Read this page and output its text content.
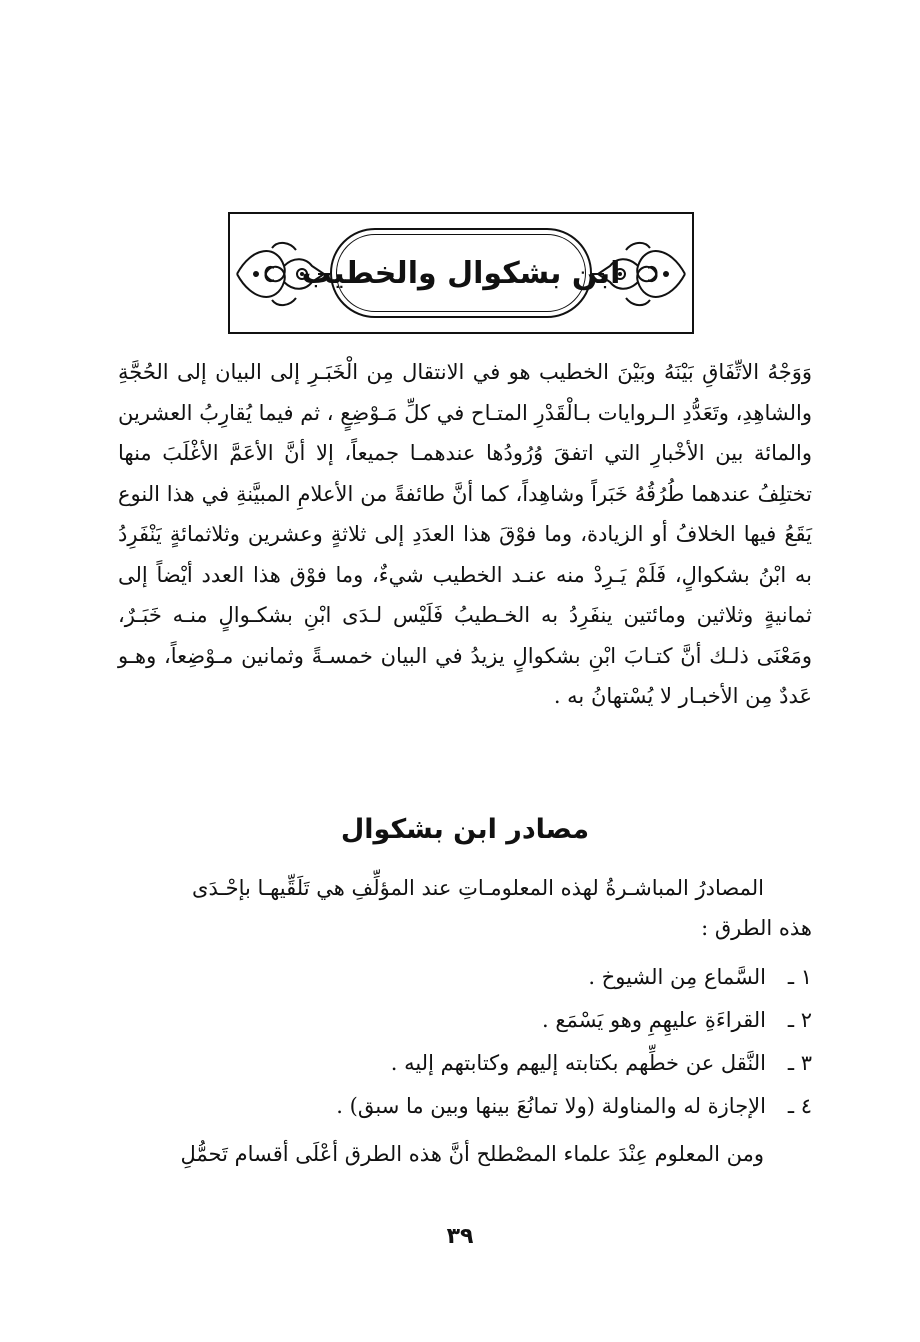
ابن بشكوال والخطيب

وَوَجْهُ الاتِّفَاقِ بَيْنَهُ وبَيْنَ الخطيب هو في الانتقال مِن الْخَبَـرِ إلى البيان إلى الحُجَّةِ والشاهِدِ، وتَعَدُّدِ الـروايات بـالْقَدْرِ المتـاح في كلِّ مَـوْضِعٍ ، ثم فيما يُقارِبُ العشرين والمائة بين الأخْبارِ التي اتفقَ وُرُودُها عندهمـا جميعاً، إلا أنَّ الأعَمَّ الأغْلَبَ منها تختلِفُ عندهما طُرُقُهُ خَبَراً وشاهِداً، كما أنَّ طائفةً من الأعلامِ المبيَّنةِ في هذا النوع يَقَعُ فيها الخلافُ أو الزيادة، وما فوْقَ هذا العدَدِ إلى ثلاثةٍ وعشرين وثلاثمائةٍ يَنْفَرِدُ به ابْنُ بشكوالٍ، فَلَمْ يَـرِدْ منه عنـد الخطيب شيءٌ، وما فوْق هذا العدد أيْضاً إلى ثمانيةٍ وثلاثين ومائتين ينفَرِدُ به الخـطيبُ فَلَيْس لـدَى ابْنِ بشكـوالٍ منـه خَبَـرٌ، ومَعْنَى ذلـك أنَّ كتـابَ ابْنِ بشكوالٍ يزيدُ في البيان خمسـةً وثمانين مـوْضِعاً، وهـو عَددٌ مِن الأخبـار لا يُسْتهانُ به .

مصادر ابن بشكوال

المصادرُ المباشـرةُ لهذه المعلومـاتِ عند المؤلِّفِ هي تَلَقِّيهـا بإحْـدَى

هذه الطرق :

١ ـ
السَّماع مِن الشيوخ .
٢ ـ
القراءَةِ عليهِمِ وهو يَسْمَع .
٣ ـ
النَّقل عن خطِّهم بكتابته إليهم وكتابتهم إليه .
٤ ـ
الإجازة له والمناولة (ولا تمانُعَ بينها وبين ما سبق) .

ومن المعلوم عِنْدَ علماء المصْطلح أنَّ هذه الطرق أعْلَى أقسام تَحمُّلِ

٣٩
